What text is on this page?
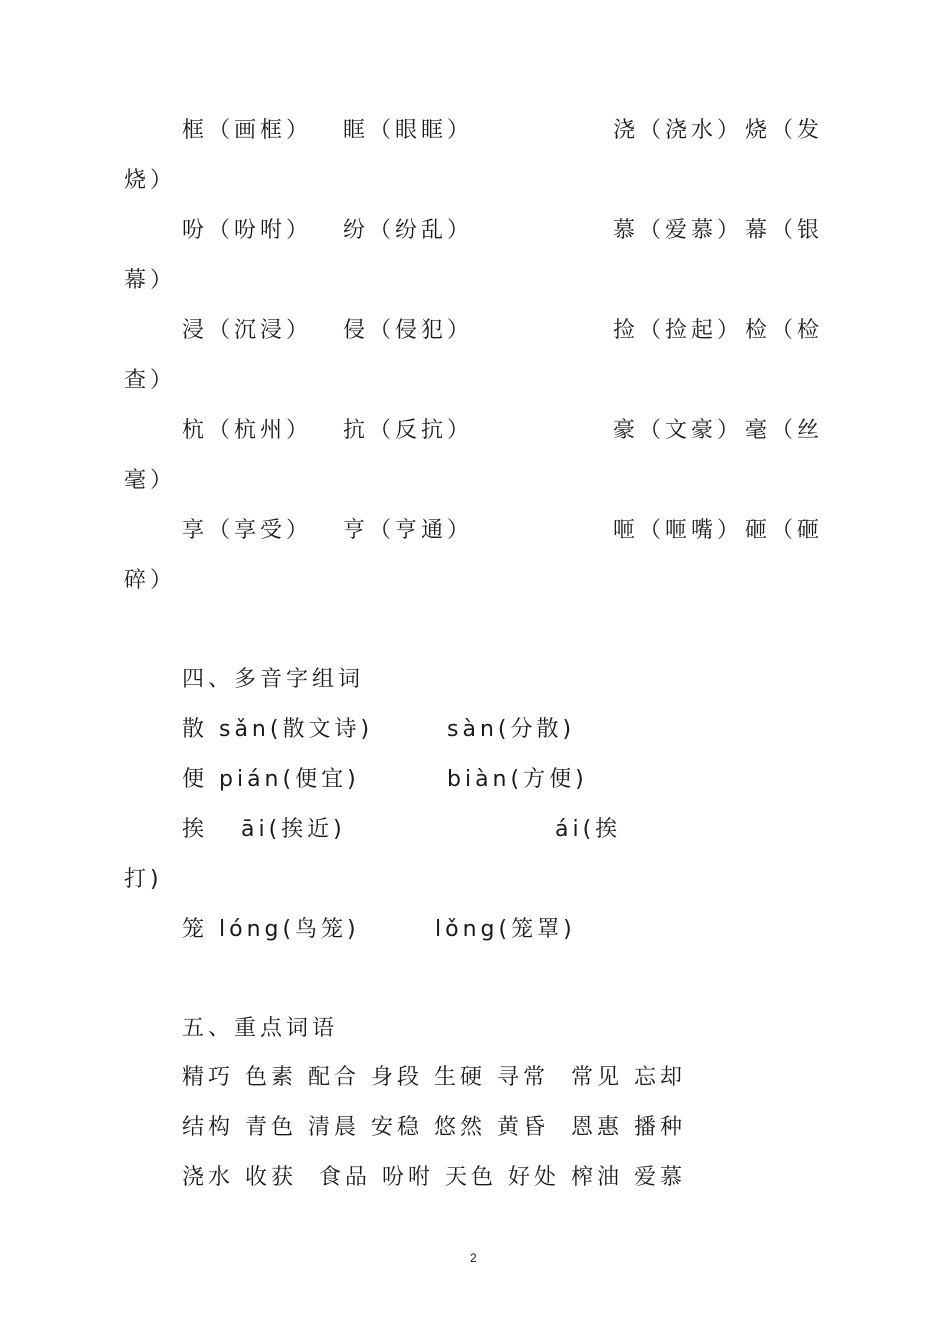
框（画框） 眶（眼眶）	浇（浇水） 烧（发
烧）
吩（吩咐） 纷（纷乱）	慕（爱慕） 幕（银
幕）
浸（沉浸） 侵（侵犯）	捡（捡起） 检（检
查）
杭（杭州） 抗（反抗）	豪（文豪） 毫（丝
毫）
享（享受） 亨（亨通）	咂（咂嘴） 砸（砸
碎）
四、多音字组词
散 sǎn(散文诗)	sàn(分散)
便 pián(便宜)	biàn(方便)
挨   āi(挨近)	ái(挨
打)
笼 lóng(鸟笼)	lǒng(笼罩)
五、重点词语
精巧 色素 配合 身段 生硬 寻常  常见 忘却
结构 青色 清晨 安稳 悠然 黄昏  恩惠 播种
浇水 收获  食品 吩咐 天色 好处 榨油 爱慕
2
